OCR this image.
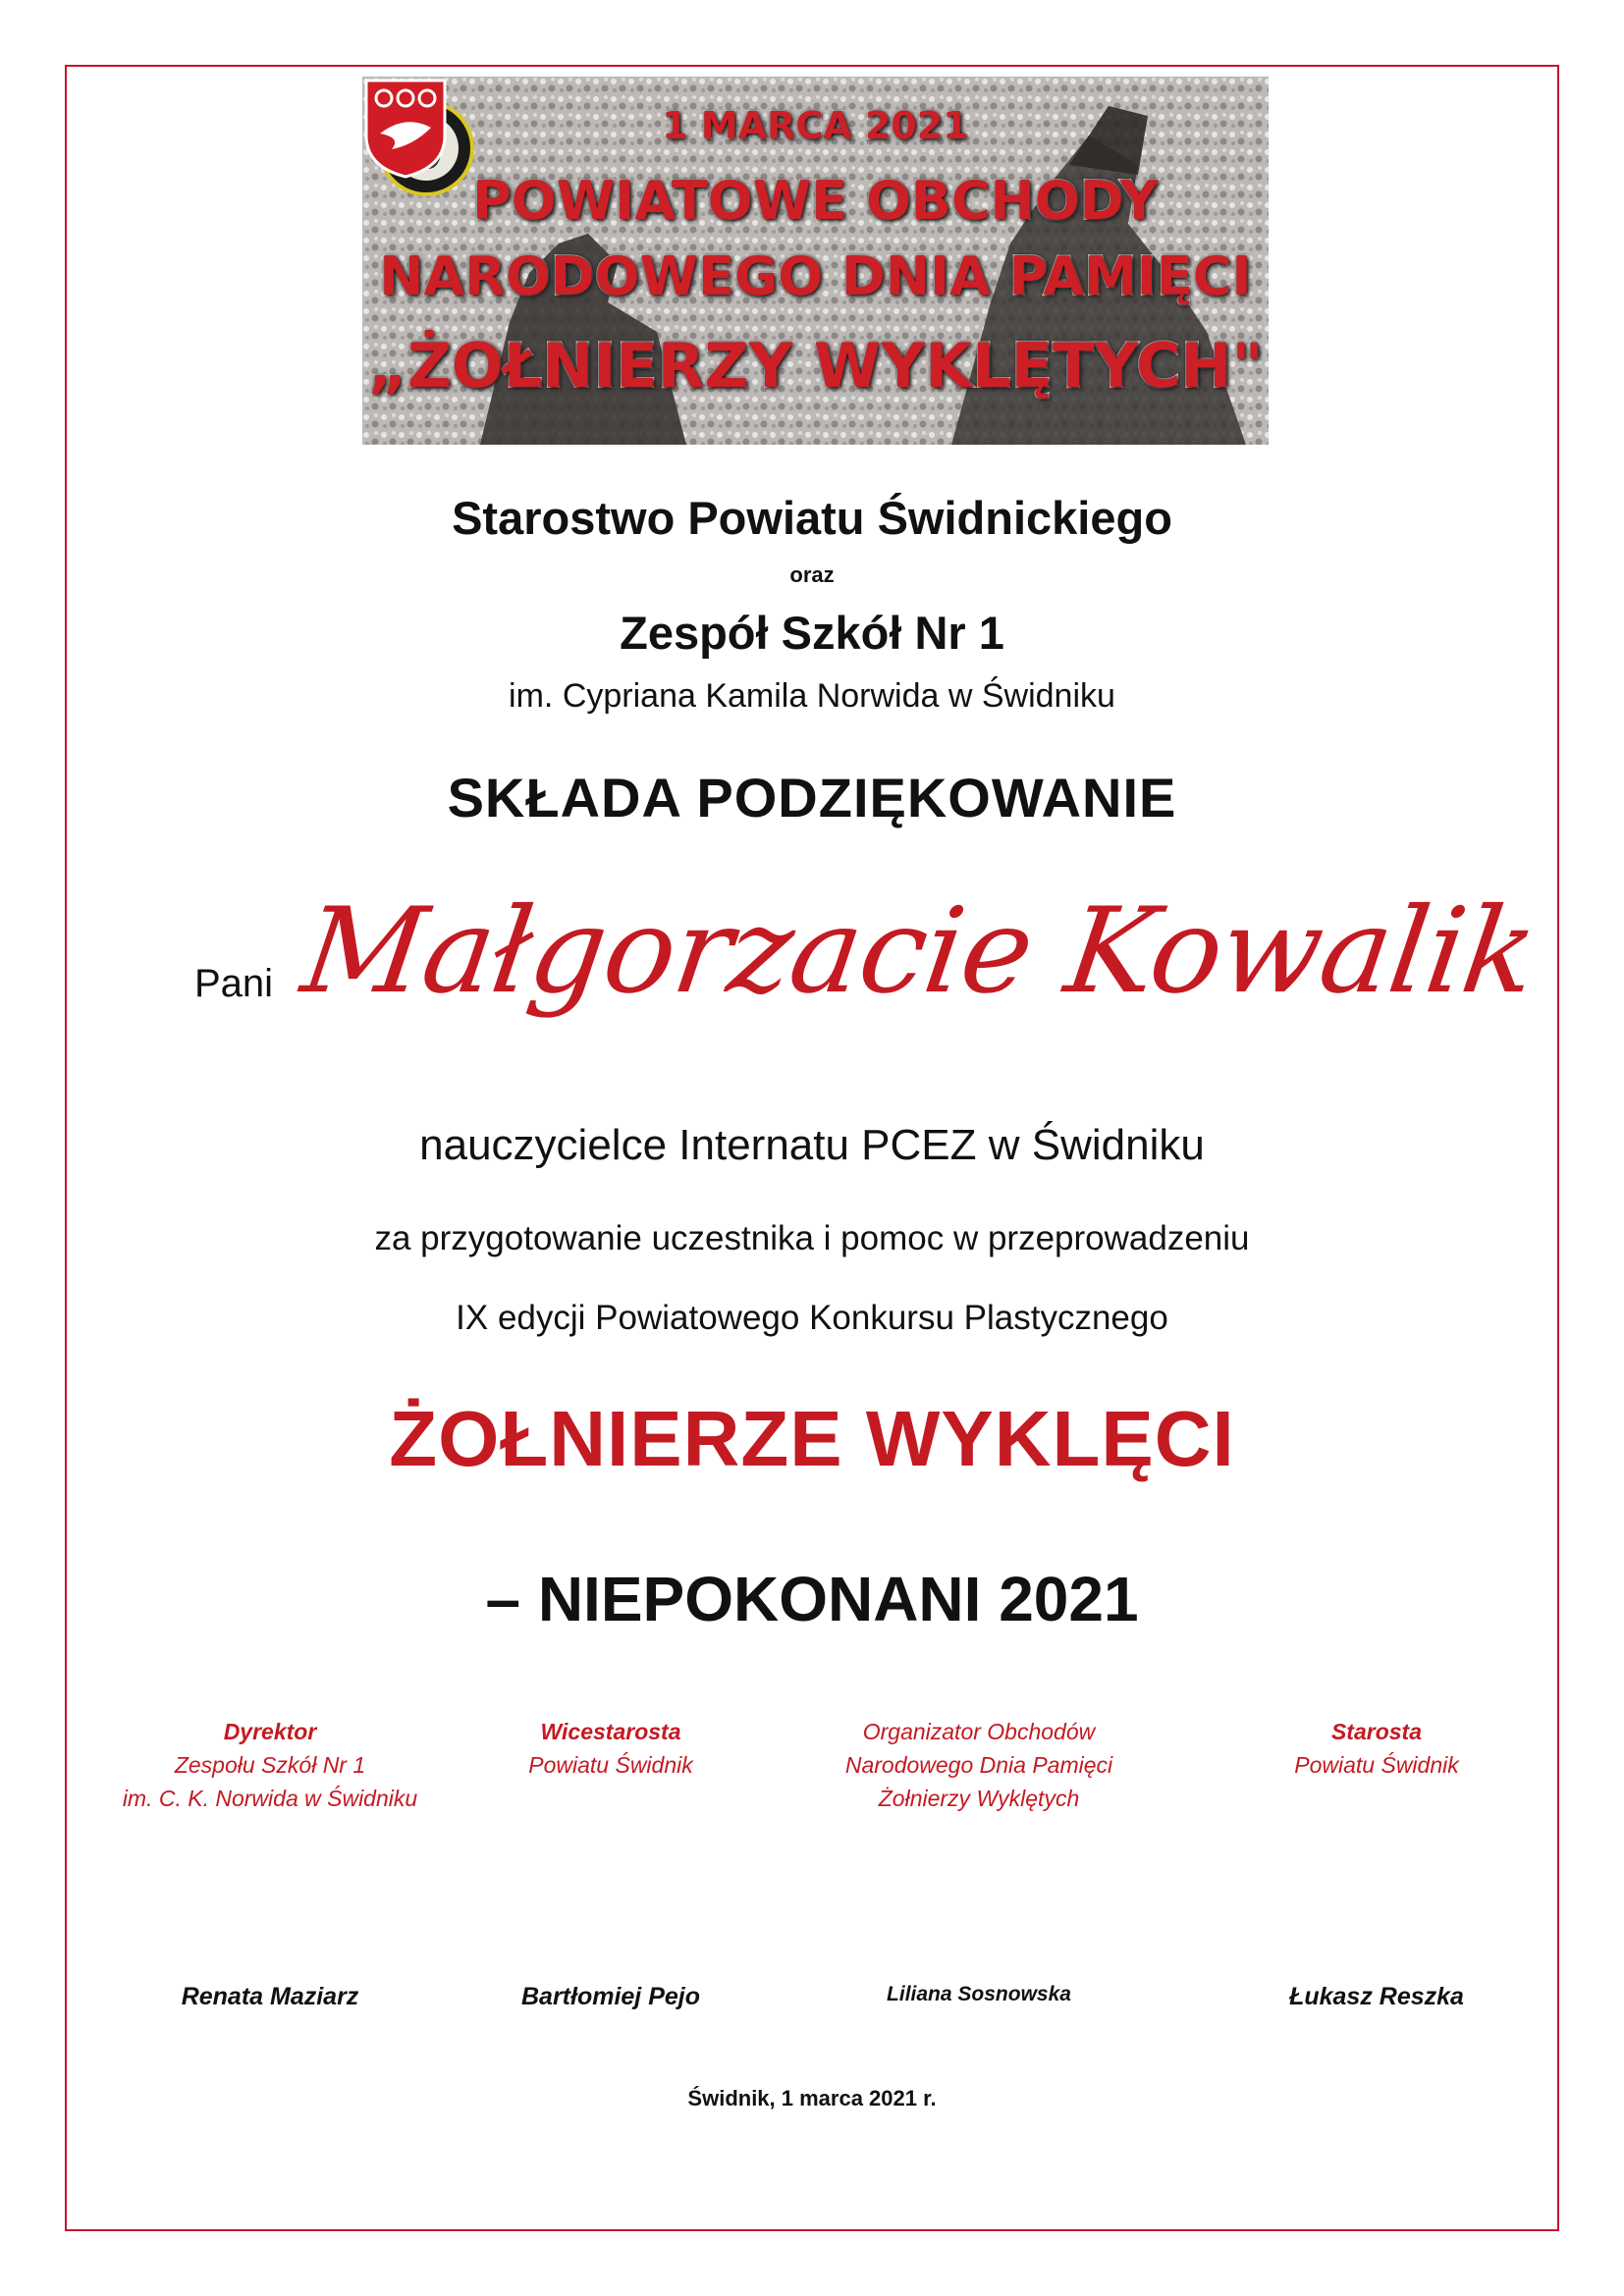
1 MARCA 2021
POWIATOWE OBCHODY
NARODOWEGO DNIA PAMIĘCI
„ŻOŁNIERZY WYKLĘTYCH"
Starostwo Powiatu Świdnickiego
oraz
Zespół Szkół Nr 1
im. Cypriana Kamila Norwida w Świdniku
SKŁADA PODZIĘKOWANIE
Pani Małgorzacie Kowalik
nauczycielce Internatu PCEZ w Świdniku
za przygotowanie uczestnika i pomoc w przeprowadzeniu
IX edycji Powiatowego Konkursu Plastycznego
ŻOŁNIERZE WYKLĘCI
– NIEPOKONANI 2021
Dyrektor
Zespołu Szkół Nr 1
im. C. K. Norwida w Świdniku
Wicestarosta
Powiatu Świdnik
Organizator Obchodów
Narodowego Dnia Pamięci
Żołnierzy Wyklętych
Starosta
Powiatu Świdnik
Renata Maziarz	Bartłomiej Pejo	Liliana Sosnowska	Łukasz Reszka
Świdnik, 1 marca 2021 r.
